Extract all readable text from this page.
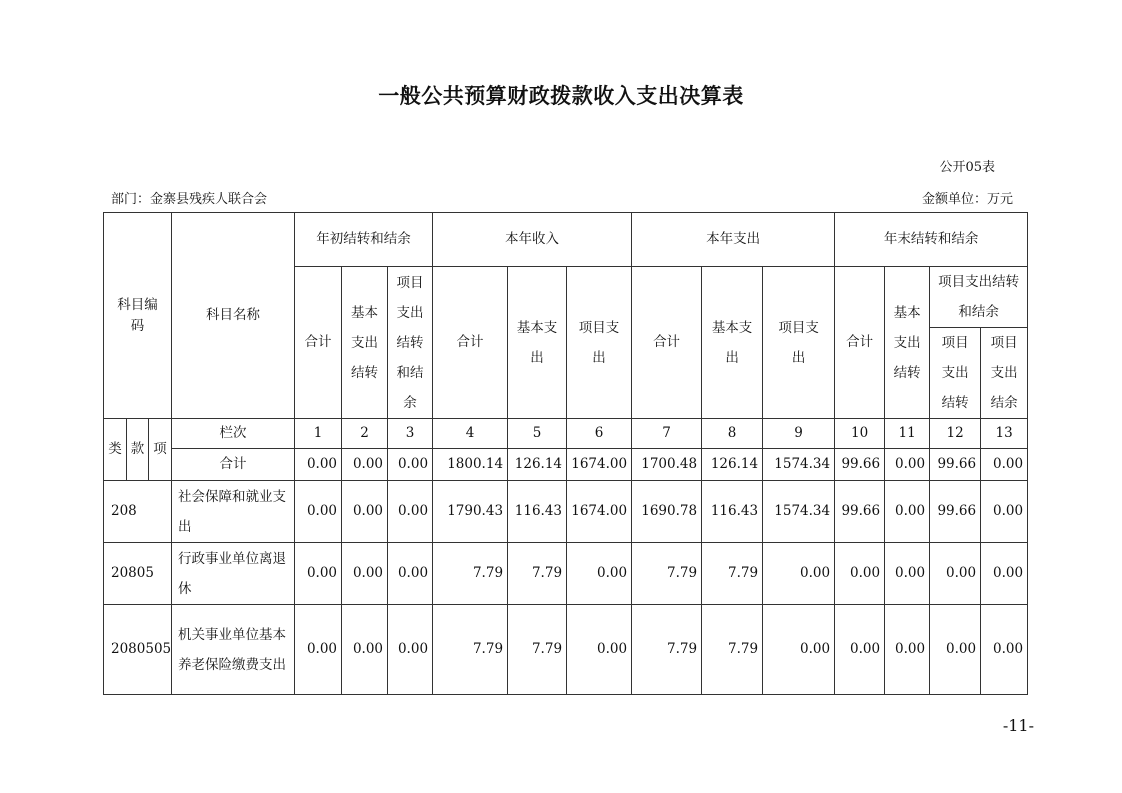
一般公共预算财政拨款收入支出决算表
公开05表
部门：金寨县残疾人联合会	金额单位：万元
科目编码			科目名称	年初结转和结余			本年收入			本年支出			年末结转和结余			
				合计	基本支出结转	项目支出结转和结余	合计	基本支出	项目支出	合计	基本支出	项目支出	合计	基本支出结转	项目支出结转和结余	

															项目支出结转	项目支出结余

类	款	项	栏次	1	2	3	4	5	6	7	8	9	10	11	12	13
			合计	0.00	0.00	0.00	1800.14	126.14	1674.00	1700.48	126.14	1574.34	99.66	0.00	99.66	0.00
208			社会保障和就业支出	0.00	0.00	0.00	1790.43	116.43	1674.00	1690.78	116.43	1574.34	99.66	0.00	99.66	0.00
20805			行政事业单位离退休	0.00	0.00	0.00	7.79	7.79	0.00	7.79	7.79	0.00	0.00	0.00	0.00	0.00
2080505			机关事业单位基本养老保险缴费支出	0.00	0.00	0.00	7.79	7.79	0.00	7.79	7.79	0.00	0.00	0.00	0.00	0.00
-11-
